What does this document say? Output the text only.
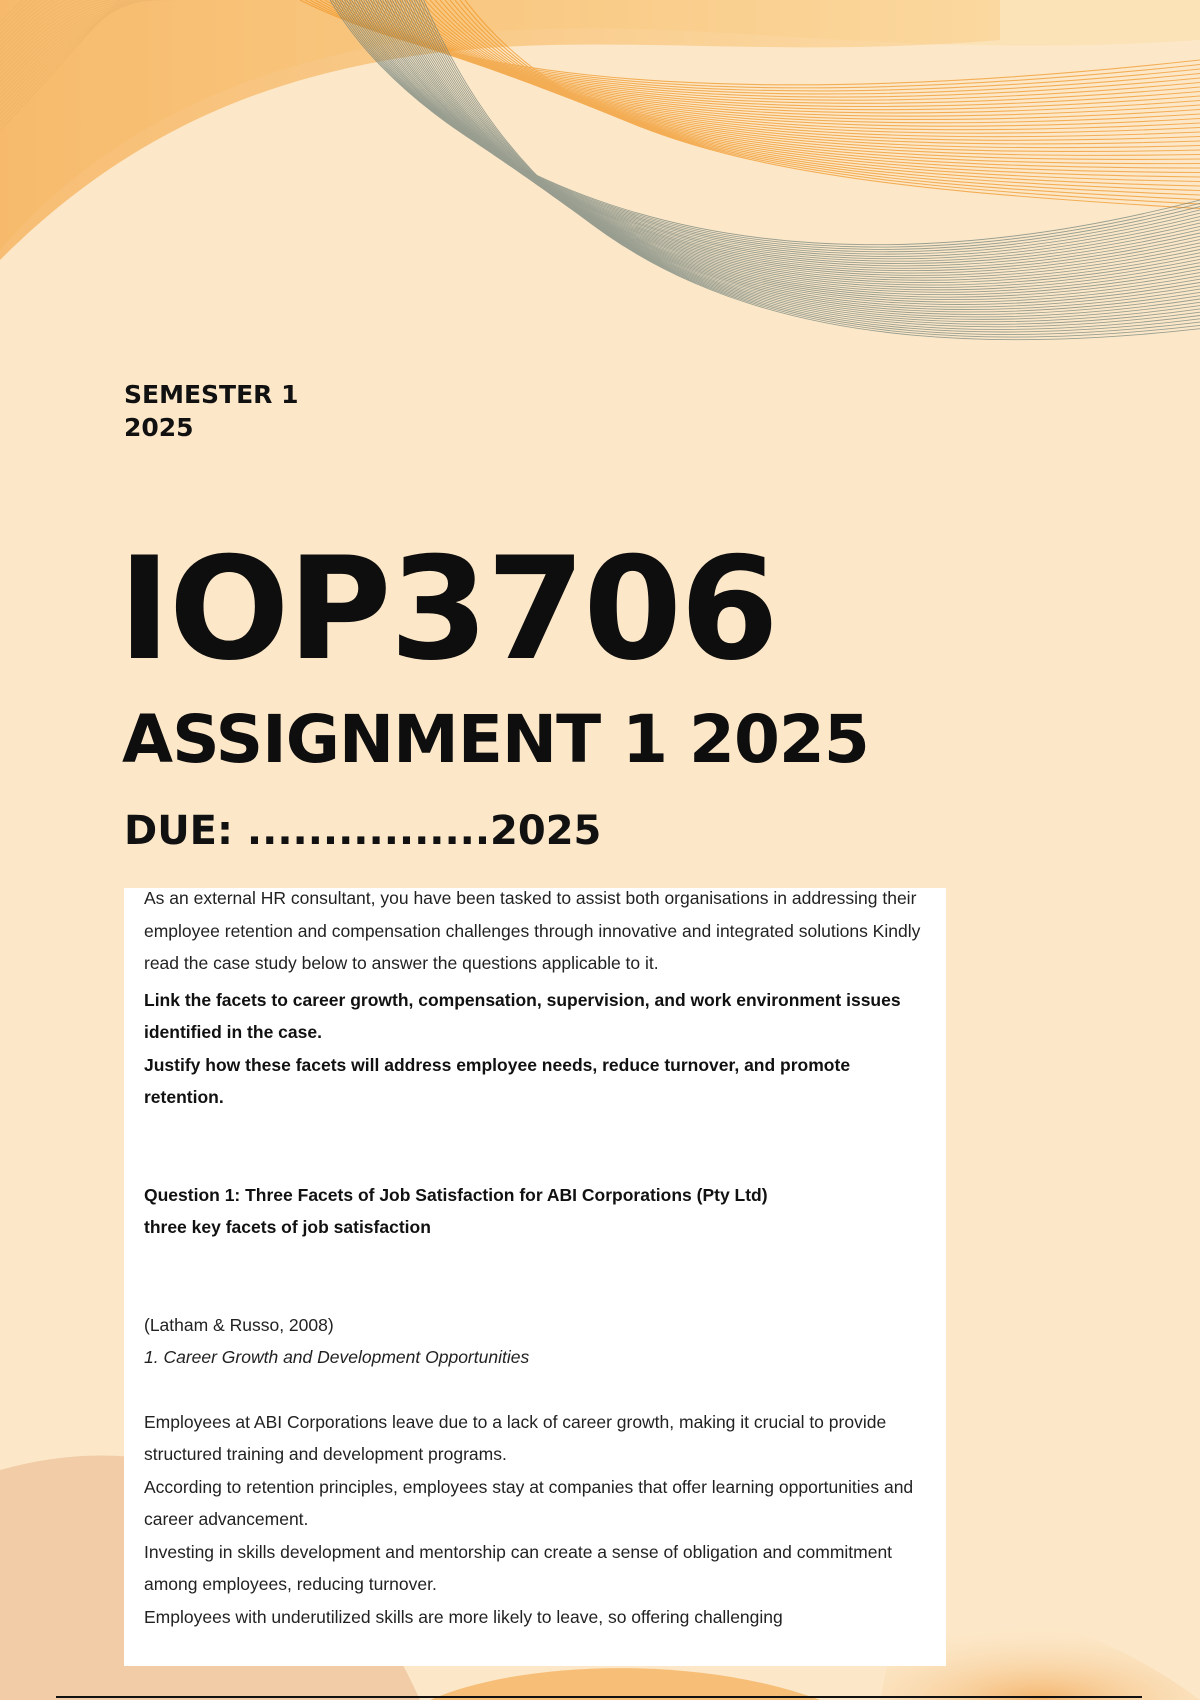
SEMESTER 1
2025
IOP3706
ASSIGNMENT 1 2025
DUE: ................2025

As an external HR consultant, you have been tasked to assist both organisations in addressing their employee retention and compensation challenges through innovative and integrated solutions Kindly read the case study below to answer the questions applicable to it.

Link the facets to career growth, compensation, supervision, and work environment issues identified in the case.

Justify how these facets will address employee needs, reduce turnover, and promote retention.

Question 1: Three Facets of Job Satisfaction for ABI Corporations (Pty Ltd)

three key facets of job satisfaction

(Latham & Russo, 2008)

1. Career Growth and Development Opportunities

Employees at ABI Corporations leave due to a lack of career growth, making it crucial to provide structured training and development programs.

According to retention principles, employees stay at companies that offer learning opportunities and career advancement.

Investing in skills development and mentorship can create a sense of obligation and commitment among employees, reducing turnover.

Employees with underutilized skills are more likely to leave, so offering challenging
